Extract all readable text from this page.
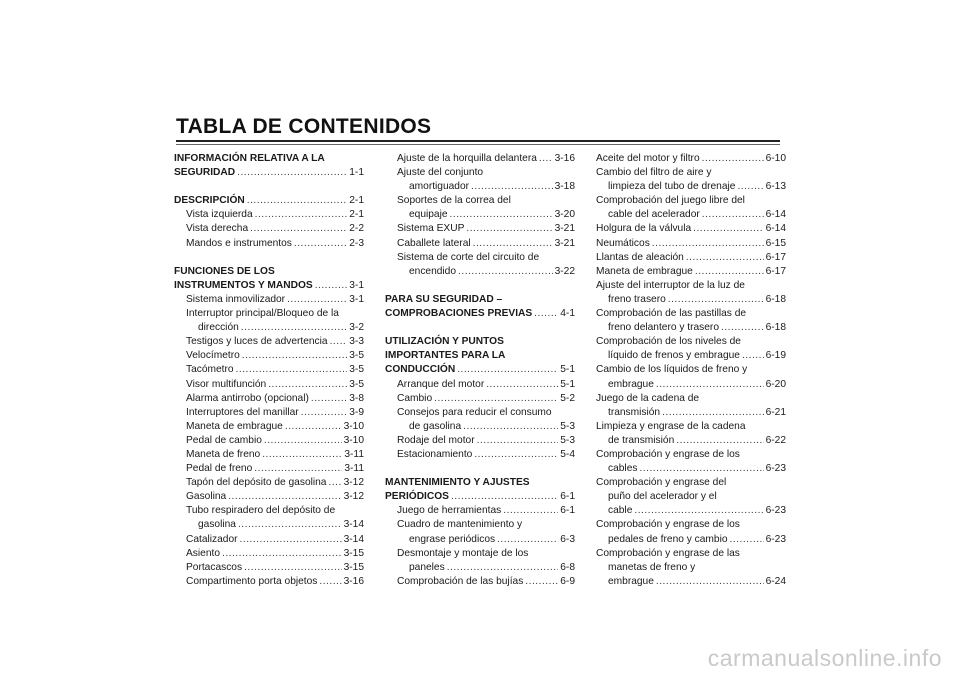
TABLA DE CONTENIDOS
INFORMACIÓN RELATIVA A LA
SEGURIDAD .....	1-1
DESCRIPCIÓN .....	2-1
Vista izquierda .....	2-1
Vista derecha .....	2-2
Mandos e instrumentos .....	2-3
FUNCIONES DE LOS
INSTRUMENTOS Y MANDOS .....	3-1
Sistema inmovilizador .....	3-1
Interruptor principal/Bloqueo de la
dirección .....	3-2
Testigos y luces de advertencia ..... 3-3
Velocímetro .....	3-5
Tacómetro .....	3-5
Visor multifunción .....	3-5
Alarma antirrobo (opcional) .....	3-8
Interruptores del manillar .....	3-9
Maneta de embrague .....	3-10
Pedal de cambio .....	3-10
Maneta de freno .....	3-11
Pedal de freno .....	3-11
Tapón del depósito de gasolina ..... 3-12
Gasolina .....	3-12
Tubo respiradero del depósito de
gasolina .....	3-14
Catalizador .....	3-14
Asiento .....	3-15
Portacascos .....	3-15
Compartimento porta objetos .....	3-16
Ajuste de la horquilla delantera ..... 3-16
Ajuste del conjunto
amortiguador .....	3-18
Soportes de la correa del
equipaje .....	3-20
Sistema EXUP .....	3-21
Caballete lateral .....	3-21
Sistema de corte del circuito de
encendido .....	3-22
PARA SU SEGURIDAD –
COMPROBACIONES PREVIAS .....	4-1
UTILIZACIÓN Y PUNTOS
IMPORTANTES PARA LA
CONDUCCIÓN .....	5-1
Arranque del motor .....	5-1
Cambio .....	5-2
Consejos para reducir el consumo
de gasolina .....	5-3
Rodaje del motor .....	5-3
Estacionamiento .....	5-4
MANTENIMIENTO Y AJUSTES
PERIÓDICOS .....	6-1
Juego de herramientas .....	6-1
Cuadro de mantenimiento y
engrase periódicos .....	6-3
Desmontaje y montaje de los
paneles .....	6-8
Comprobación de las bujías .....	6-9
Aceite del motor y filtro .....	6-10
Cambio del filtro de aire y
limpieza del tubo de drenaje .....	6-13
Comprobación del juego libre del
cable del acelerador .....	6-14
Holgura de la válvula .....	6-14
Neumáticos .....	6-15
Llantas de aleación .....	6-17
Maneta de embrague .....	6-17
Ajuste del interruptor de la luz de
freno trasero .....	6-18
Comprobación de las pastillas de
freno delantero y trasero .....	6-18
Comprobación de los niveles de
líquido de frenos y embrague .....	6-19
Cambio de los líquidos de freno y
embrague .....	6-20
Juego de la cadena de
transmisión .....	6-21
Limpieza y engrase de la cadena
de transmisión .....	6-22
Comprobación y engrase de los
cables .....	6-23
Comprobación y engrase del
puño del acelerador y el
cable .....	6-23
Comprobación y engrase de los
pedales de freno y cambio .....	6-23
Comprobación y engrase de las
manetas de freno y
embrague .....	6-24
carmanualsonline.info
